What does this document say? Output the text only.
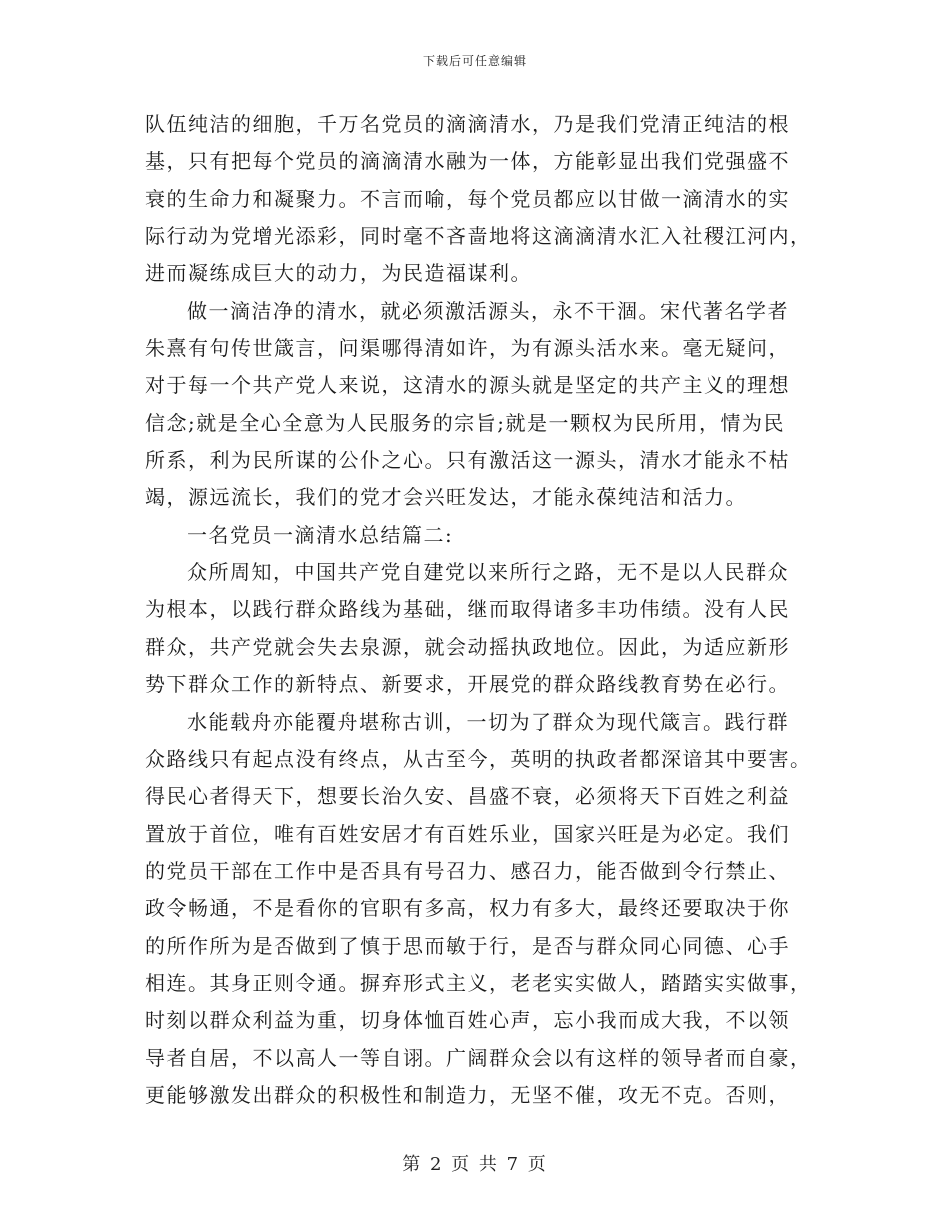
下载后可任意编辑
队伍纯洁的细胞，千万名党员的滴滴清水，乃是我们党清正纯洁的根
基，只有把每个党员的滴滴清水融为一体，方能彰显出我们党强盛不
衰的生命力和凝聚力。不言而喻，每个党员都应以甘做一滴清水的实
际行动为党增光添彩，同时毫不吝啬地将这滴滴清水汇入社稷江河内，
进而凝练成巨大的动力，为民造福谋利。
做一滴洁净的清水，就必须激活源头，永不干涸。宋代著名学者
朱熹有句传世箴言，问渠哪得清如许，为有源头活水来。毫无疑问，
对于每一个共产党人来说，这清水的源头就是坚定的共产主义的理想
信念;就是全心全意为人民服务的宗旨;就是一颗权为民所用，情为民
所系，利为民所谋的公仆之心。只有激活这一源头，清水才能永不枯
竭，源远流长，我们的党才会兴旺发达，才能永葆纯洁和活力。
一名党员一滴清水总结篇二:
众所周知，中国共产党自建党以来所行之路，无不是以人民群众
为根本，以践行群众路线为基础，继而取得诸多丰功伟绩。没有人民
群众，共产党就会失去泉源，就会动摇执政地位。因此，为适应新形
势下群众工作的新特点、新要求，开展党的群众路线教育势在必行。
水能载舟亦能覆舟堪称古训，一切为了群众为现代箴言。践行群
众路线只有起点没有终点，从古至今，英明的执政者都深谙其中要害。
得民心者得天下，想要长治久安、昌盛不衰，必须将天下百姓之利益
置放于首位，唯有百姓安居才有百姓乐业，国家兴旺是为必定。我们
的党员干部在工作中是否具有号召力、感召力，能否做到令行禁止、
政令畅通，不是看你的官职有多高，权力有多大，最终还要取决于你
的所作所为是否做到了慎于思而敏于行，是否与群众同心同德、心手
相连。其身正则令通。摒弃形式主义，老老实实做人，踏踏实实做事，
时刻以群众利益为重，切身体恤百姓心声，忘小我而成大我，不以领
导者自居，不以高人一等自诩。广阔群众会以有这样的领导者而自豪，
更能够激发出群众的积极性和制造力，无坚不催，攻无不克。否则，
第 2 页 共 7 页
